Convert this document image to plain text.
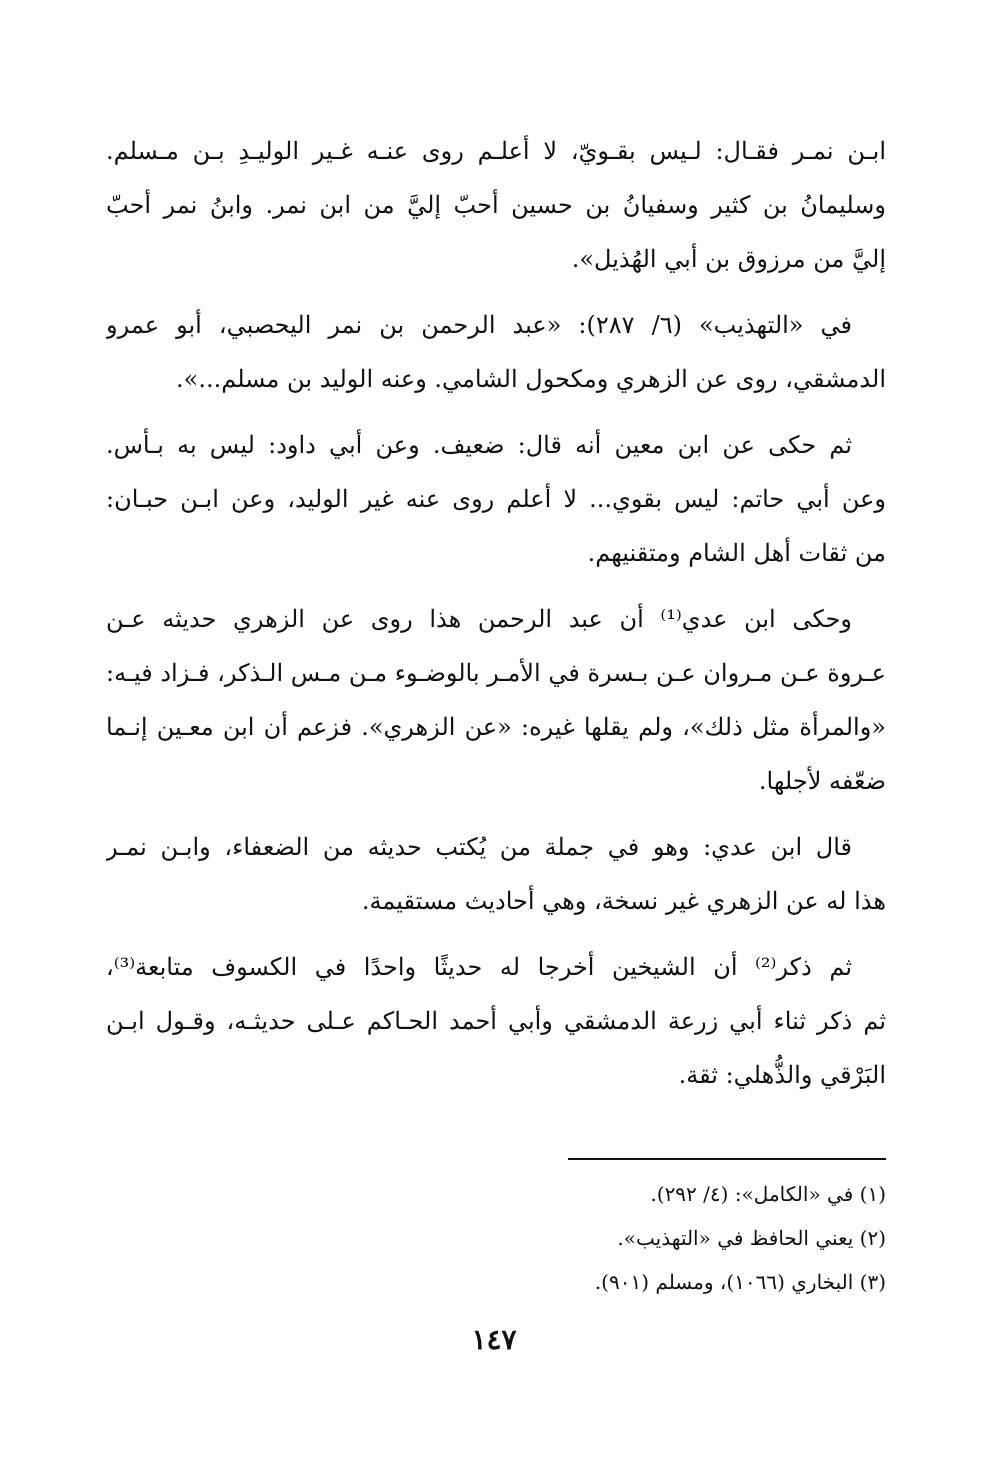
ابـن نمـر فقـال: لـيس بقـويّ، لا أعلـم روى عنـه غـير الوليـدِ بـن مـسلم.
وسليمانُ بن كثير وسفيانُ بن حسين أحبّ إليَّ من ابن نمر. وابنُ نمر أحبّ
إليَّ من مرزوق بن أبي الهُذيل».
في «التهذيب» (٦/ ٢٨٧): «عبد الرحمن بن نمر اليحصبي، أبو عمرو
الدمشقي، روى عن الزهري ومكحول الشامي. وعنه الوليد بن مسلم...».
ثم حكى عن ابن معين أنه قال: ضعيف. وعن أبي داود: ليس به بـأس.
وعن أبي حاتم: ليس بقوي... لا أعلم روى عنه غير الوليد، وعن ابـن حبـان:
من ثقات أهل الشام ومتقنيهم.
وحكى ابن عدي⁽¹⁾ أن عبد الرحمن هذا روى عن الزهري حديثه عـن
عـروة عـن مـروان عـن بـسرة في الأمـر بالوضـوء مـن مـس الـذكر، فـزاد فيـه:
«والمرأة مثل ذلك»، ولم يقلها غيره: «عن الزهري». فزعم أن ابن معـين إنـما
ضعّفه لأجلها.
قال ابن عدي: وهو في جملة من يُكتب حديثه من الضعفاء، وابـن نمـر
هذا له عن الزهري غير نسخة، وهي أحاديث مستقيمة.
ثم ذكر⁽²⁾ أن الشيخين أخرجا له حديثًا واحدًا في الكسوف متابعة⁽³⁾،
ثم ذكر ثناء أبي زرعة الدمشقي وأبي أحمد الحـاكم عـلى حديثـه، وقـول ابـن
البَرْقي والذُّهلي: ثقة.
(١) في «الكامل»: (٤/ ٢٩٢).
(٢) يعني الحافظ في «التهذيب».
(٣) البخاري (١٠٦٦)، ومسلم (٩٠١).
١٤٧
